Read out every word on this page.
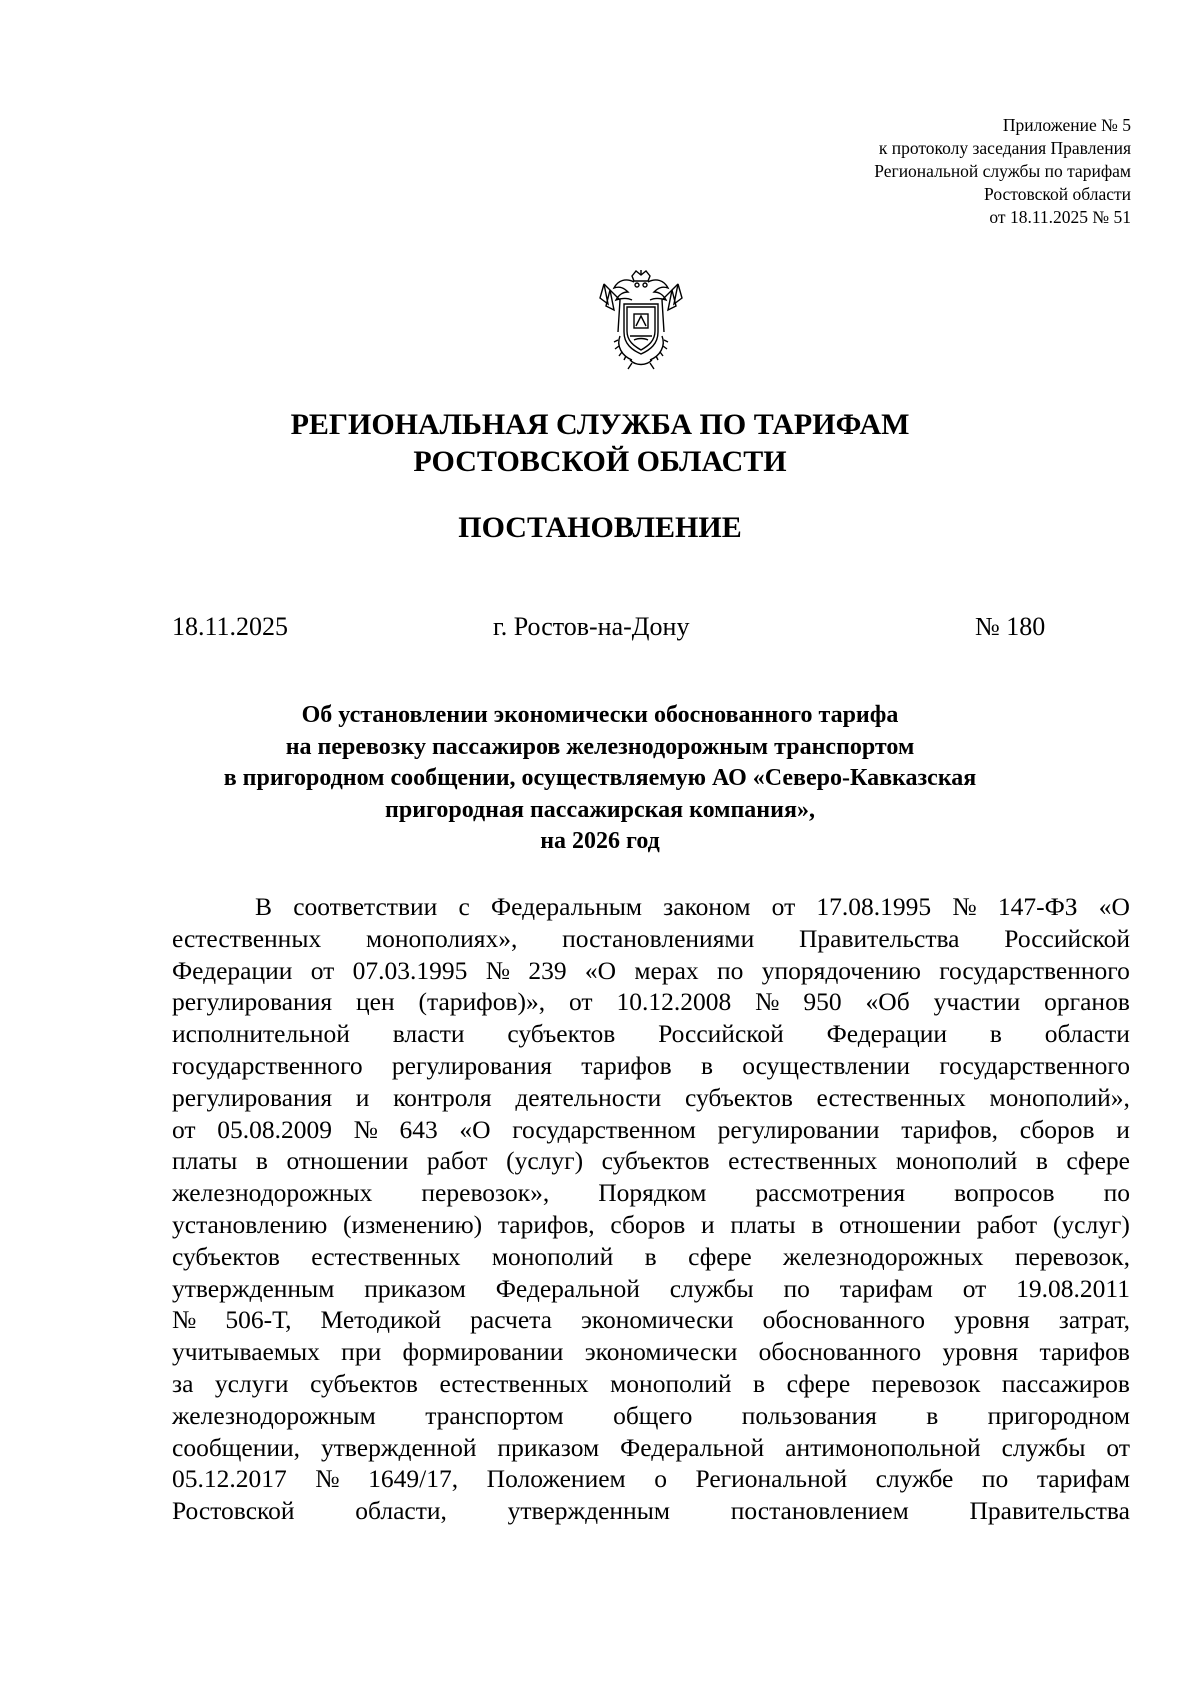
Приложение № 5
к протоколу заседания Правления
Региональной службы по тарифам
Ростовской области
от 18.11.2025 № 51
РЕГИОНАЛЬНАЯ СЛУЖБА ПО ТАРИФАМ
РОСТОВСКОЙ ОБЛАСТИ
ПОСТАНОВЛЕНИЕ
18.11.2025	г. Ростов-на-Дону	№ 180
Об установлении экономически обоснованного тарифа
на перевозку пассажиров железнодорожным транспортом
в пригородном сообщении, осуществляемую АО «Северо-Кавказская
пригородная пассажирская компания»,
на 2026 год
В соответствии с Федеральным законом от 17.08.1995 № 147-ФЗ «О
естественных монополиях», постановлениями Правительства Российской
Федерации от 07.03.1995 № 239 «О мерах по упорядочению государственного
регулирования цен (тарифов)», от 10.12.2008 № 950 «Об участии органов
исполнительной власти субъектов Российской Федерации в области
государственного регулирования тарифов в осуществлении государственного
регулирования и контроля деятельности субъектов естественных монополий»,
от 05.08.2009 № 643 «О государственном регулировании тарифов, сборов и
платы в отношении работ (услуг) субъектов естественных монополий в сфере
железнодорожных перевозок», Порядком рассмотрения вопросов по
установлению (изменению) тарифов, сборов и платы в отношении работ (услуг)
субъектов естественных монополий в сфере железнодорожных перевозок,
утвержденным приказом Федеральной службы по тарифам от 19.08.2011
№ 506-Т, Методикой расчета экономически обоснованного уровня затрат,
учитываемых при формировании экономически обоснованного уровня тарифов
за услуги субъектов естественных монополий в сфере перевозок пассажиров
железнодорожным транспортом общего пользования в пригородном
сообщении, утвержденной приказом Федеральной антимонопольной службы от
05.12.2017 № 1649/17, Положением о Региональной службе по тарифам
Ростовской области, утвержденным постановлением Правительства
